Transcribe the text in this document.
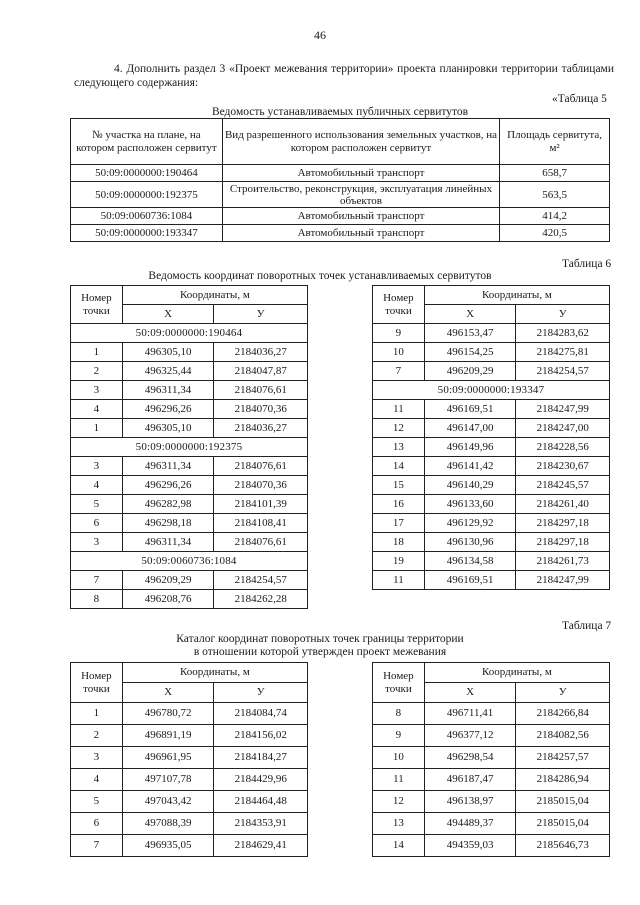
46
4. Дополнить раздел 3 «Проект межевания территории» проекта планировки территории таблицами следующего содержания:
«Таблица 5
Ведомость устанавливаемых публичных сервитутов
№ участка на плане, на котором расположен сервитут	Вид разрешенного использования земельных участков, на котором расположен сервитут	Площадь сервитута, м²
50:09:0000000:190464	Автомобильный транспорт	658,7
50:09:0000000:192375	Строительство, реконструкция, эксплуатация линейных объектов	563,5
50:09:0060736:1084	Автомобильный транспорт	414,2
50:09:0000000:193347	Автомобильный транспорт	420,5
Таблица 6
Ведомость координат поворотных точек устанавливаемых сервитутов
Номер точки	Координаты, м	
	Х	У
50:09:0000000:190464		
1	496305,10	2184036,27
2	496325,44	2184047,87
3	496311,34	2184076,61
4	496296,26	2184070,36
1	496305,10	2184036,27
50:09:0000000:192375		
3	496311,34	2184076,61
4	496296,26	2184070,36
5	496282,98	2184101,39
6	496298,18	2184108,41
3	496311,34	2184076,61
50:09:0060736:1084		
7	496209,29	2184254,57
8	496208,76	2184262,28
Номер точки	Координаты, м	
	Х	У
9	496153,47	2184283,62
10	496154,25	2184275,81
7	496209,29	2184254,57
50:09:0000000:193347		
11	496169,51	2184247,99
12	496147,00	2184247,00
13	496149,96	2184228,56
14	496141,42	2184230,67
15	496140,29	2184245,57
16	496133,60	2184261,40
17	496129,92	2184297,18
18	496130,96	2184297,18
19	496134,58	2184261,73
11	496169,51	2184247,99
Таблица 7
Каталог координат поворотных точек границы территории
в отношении которой утвержден проект межевания
Номер точки	Координаты, м	
	Х	У
1	496780,72	2184084,74
2	496891,19	2184156,02
3	496961,95	2184184,27
4	497107,78	2184429,96
5	497043,42	2184464,48
6	497088,39	2184353,91
7	496935,05	2184629,41
Номер точки	Координаты, м	
	Х	У
8	496711,41	2184266,84
9	496377,12	2184082,56
10	496298,54	2184257,57
11	496187,47	2184286,94
12	496138,97	2185015,04
13	494489,37	2185015,04
14	494359,03	2185646,73
